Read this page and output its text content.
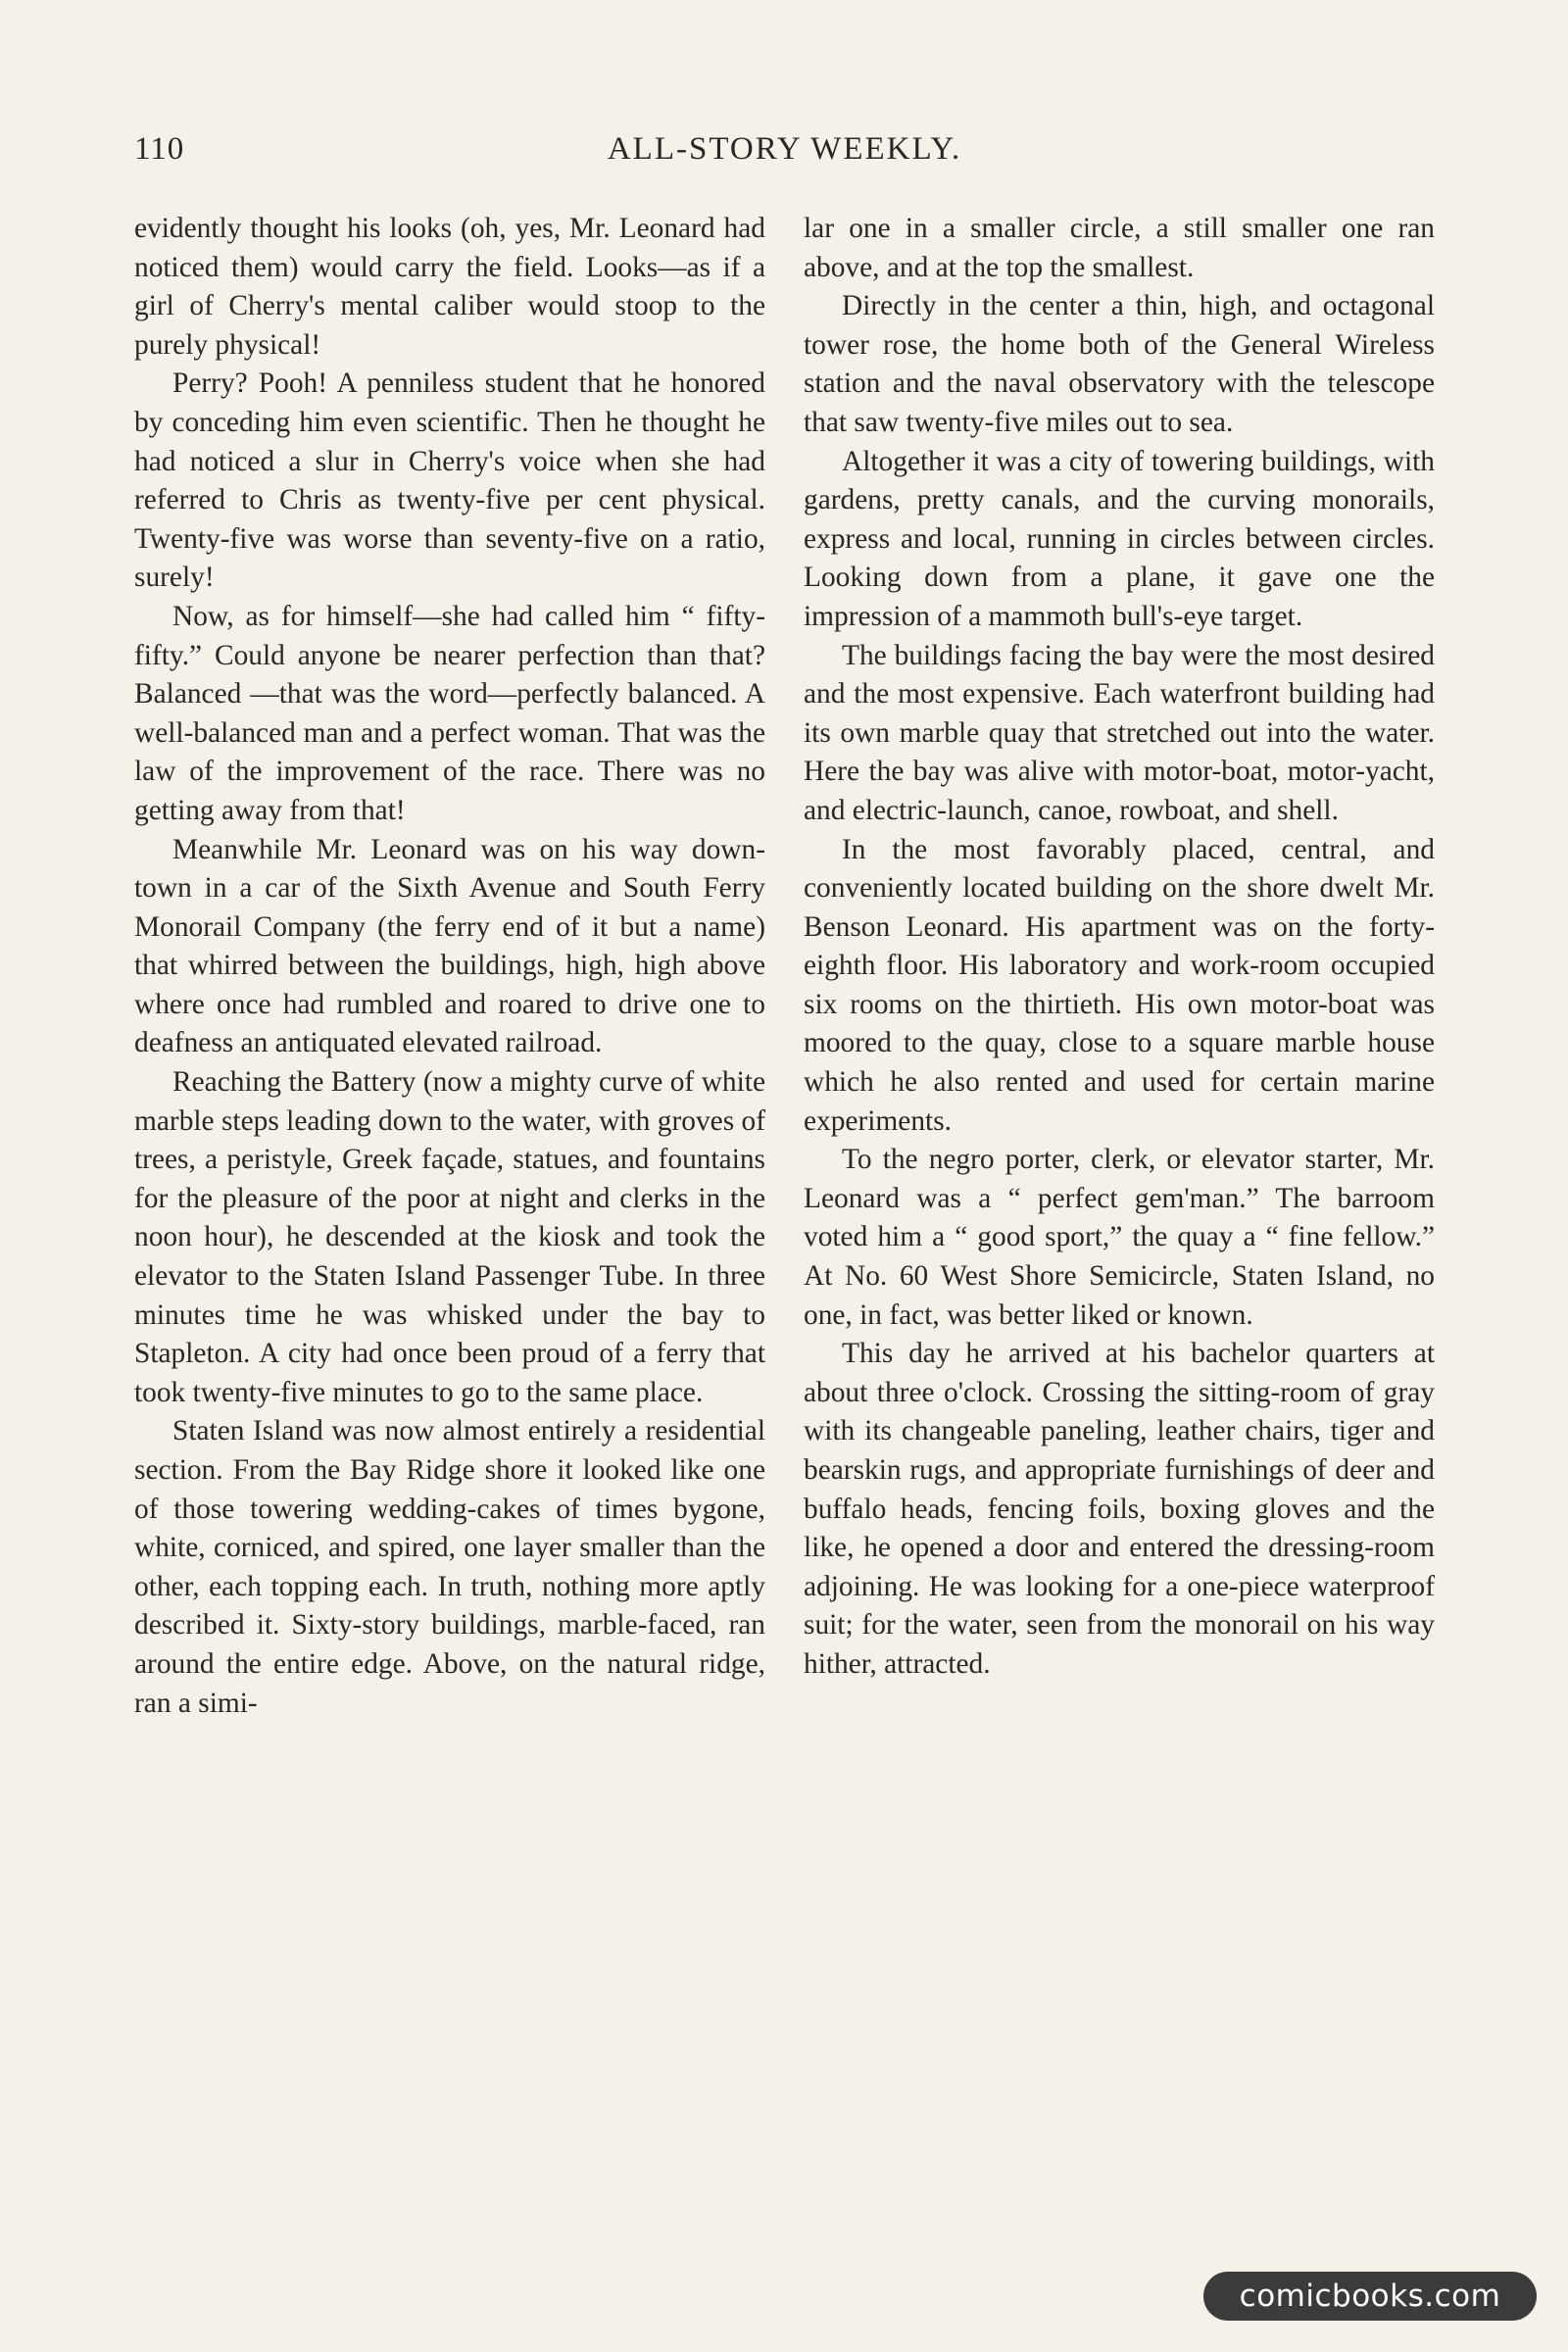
110	ALL-STORY WEEKLY.

evidently thought his looks (oh, yes, Mr. Leonard had noticed them) would carry the field. Looks—as if a girl of Cherry's mental caliber would stoop to the purely physical!

Perry? Pooh! A penniless student that he honored by conceding him even scientific. Then he thought he had noticed a slur in Cherry's voice when she had referred to Chris as twenty-five per cent physical. Twenty-five was worse than seventy-five on a ratio, surely!

Now, as for himself—she had called him “ fifty-fifty.” Could anyone be nearer perfection than that? Balanced —that was the word—perfectly balanced. A well-balanced man and a perfect woman. That was the law of the improvement of the race. There was no getting away from that!

Meanwhile Mr. Leonard was on his way down-town in a car of the Sixth Avenue and South Ferry Monorail Company (the ferry end of it but a name) that whirred between the buildings, high, high above where once had rumbled and roared to drive one to deafness an antiquated elevated railroad.

Reaching the Battery (now a mighty curve of white marble steps leading down to the water, with groves of trees, a peristyle, Greek façade, statues, and fountains for the pleasure of the poor at night and clerks in the noon hour), he descended at the kiosk and took the elevator to the Staten Island Passenger Tube. In three minutes time he was whisked under the bay to Stapleton. A city had once been proud of a ferry that took twenty-five minutes to go to the same place.

Staten Island was now almost entirely a residential section. From the Bay Ridge shore it looked like one of those towering wedding-cakes of times bygone, white, corniced, and spired, one layer smaller than the other, each topping each. In truth, nothing more aptly described it. Sixty-story buildings, marble-faced, ran around the entire edge. Above, on the natural ridge, ran a simi-

lar one in a smaller circle, a still smaller one ran above, and at the top the smallest.

Directly in the center a thin, high, and octagonal tower rose, the home both of the General Wireless station and the naval observatory with the telescope that saw twenty-five miles out to sea.

Altogether it was a city of towering buildings, with gardens, pretty canals, and the curving monorails, express and local, running in circles between circles. Looking down from a plane, it gave one the impression of a mammoth bull's-eye target.

The buildings facing the bay were the most desired and the most expensive. Each waterfront building had its own marble quay that stretched out into the water. Here the bay was alive with motor-boat, motor-yacht, and electric-launch, canoe, rowboat, and shell.

In the most favorably placed, central, and conveniently located building on the shore dwelt Mr. Benson Leonard. His apartment was on the forty-eighth floor. His laboratory and work-room occupied six rooms on the thirtieth. His own motor-boat was moored to the quay, close to a square marble house which he also rented and used for certain marine experiments.

To the negro porter, clerk, or elevator starter, Mr. Leonard was a “ perfect gem'man.” The barroom voted him a “ good sport,” the quay a “ fine fellow.” At No. 60 West Shore Semicircle, Staten Island, no one, in fact, was better liked or known.

This day he arrived at his bachelor quarters at about three o'clock. Crossing the sitting-room of gray with its changeable paneling, leather chairs, tiger and bearskin rugs, and appropriate furnishings of deer and buffalo heads, fencing foils, boxing gloves and the like, he opened a door and entered the dressing-room adjoining. He was looking for a one-piece waterproof suit; for the water, seen from the monorail on his way hither, attracted.

comicbooks.com
